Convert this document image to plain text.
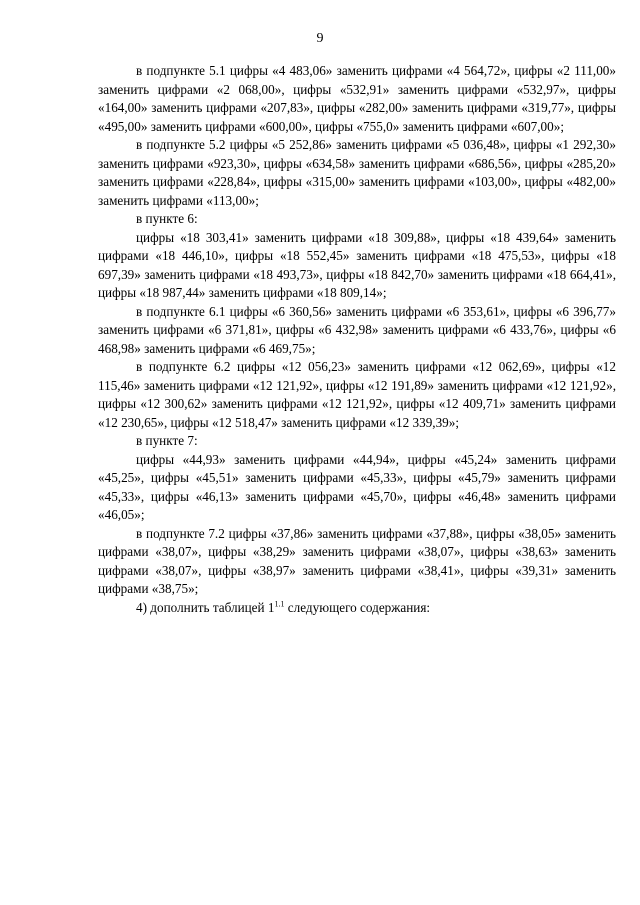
9

в подпункте 5.1 цифры «4 483,06» заменить цифрами «4 564,72», цифры «2 111,00» заменить цифрами «2 068,00», цифры «532,91» заменить цифрами «532,97», цифры «164,00» заменить цифрами «207,83», цифры «282,00» заменить цифрами «319,77», цифры «495,00» заменить цифрами «600,00», цифры «755,0» заменить цифрами «607,00»;

в подпункте 5.2 цифры «5 252,86» заменить цифрами «5 036,48», цифры «1 292,30» заменить цифрами «923,30», цифры «634,58» заменить цифрами «686,56», цифры «285,20» заменить цифрами «228,84», цифры «315,00» заменить цифрами «103,00», цифры «482,00» заменить цифрами «113,00»;

в пункте 6:

цифры «18 303,41» заменить цифрами «18 309,88», цифры «18 439,64» заменить цифрами «18 446,10», цифры «18 552,45» заменить цифрами «18 475,53», цифры «18 697,39» заменить цифрами «18 493,73», цифры «18 842,70» заменить цифрами «18 664,41», цифры «18 987,44» заменить цифрами «18 809,14»;

в подпункте 6.1 цифры «6 360,56» заменить цифрами «6 353,61», цифры «6 396,77» заменить цифрами «6 371,81», цифры «6 432,98» заменить цифрами «6 433,76», цифры «6 468,98» заменить цифрами «6 469,75»;

в подпункте 6.2 цифры «12 056,23» заменить цифрами «12 062,69», цифры «12 115,46» заменить цифрами «12 121,92», цифры «12 191,89» заменить цифрами «12 121,92», цифры «12 300,62» заменить цифрами «12 121,92», цифры «12 409,71» заменить цифрами «12 230,65», цифры «12 518,47» заменить цифрами «12 339,39»;

в пункте 7:

цифры «44,93» заменить цифрами «44,94», цифры «45,24» заменить цифрами «45,25», цифры «45,51» заменить цифрами «45,33», цифры «45,79» заменить цифрами «45,33», цифры «46,13» заменить цифрами «45,70», цифры «46,48» заменить цифрами «46,05»;

в подпункте 7.2 цифры «37,86» заменить цифрами «37,88», цифры «38,05» заменить цифрами «38,07», цифры «38,29» заменить цифрами «38,07», цифры «38,63» заменить цифрами «38,07», цифры «38,97» заменить цифрами «38,41», цифры «39,31» заменить цифрами «38,75»;

4) дополнить таблицей $1^{1.1}$ следующего содержания:
